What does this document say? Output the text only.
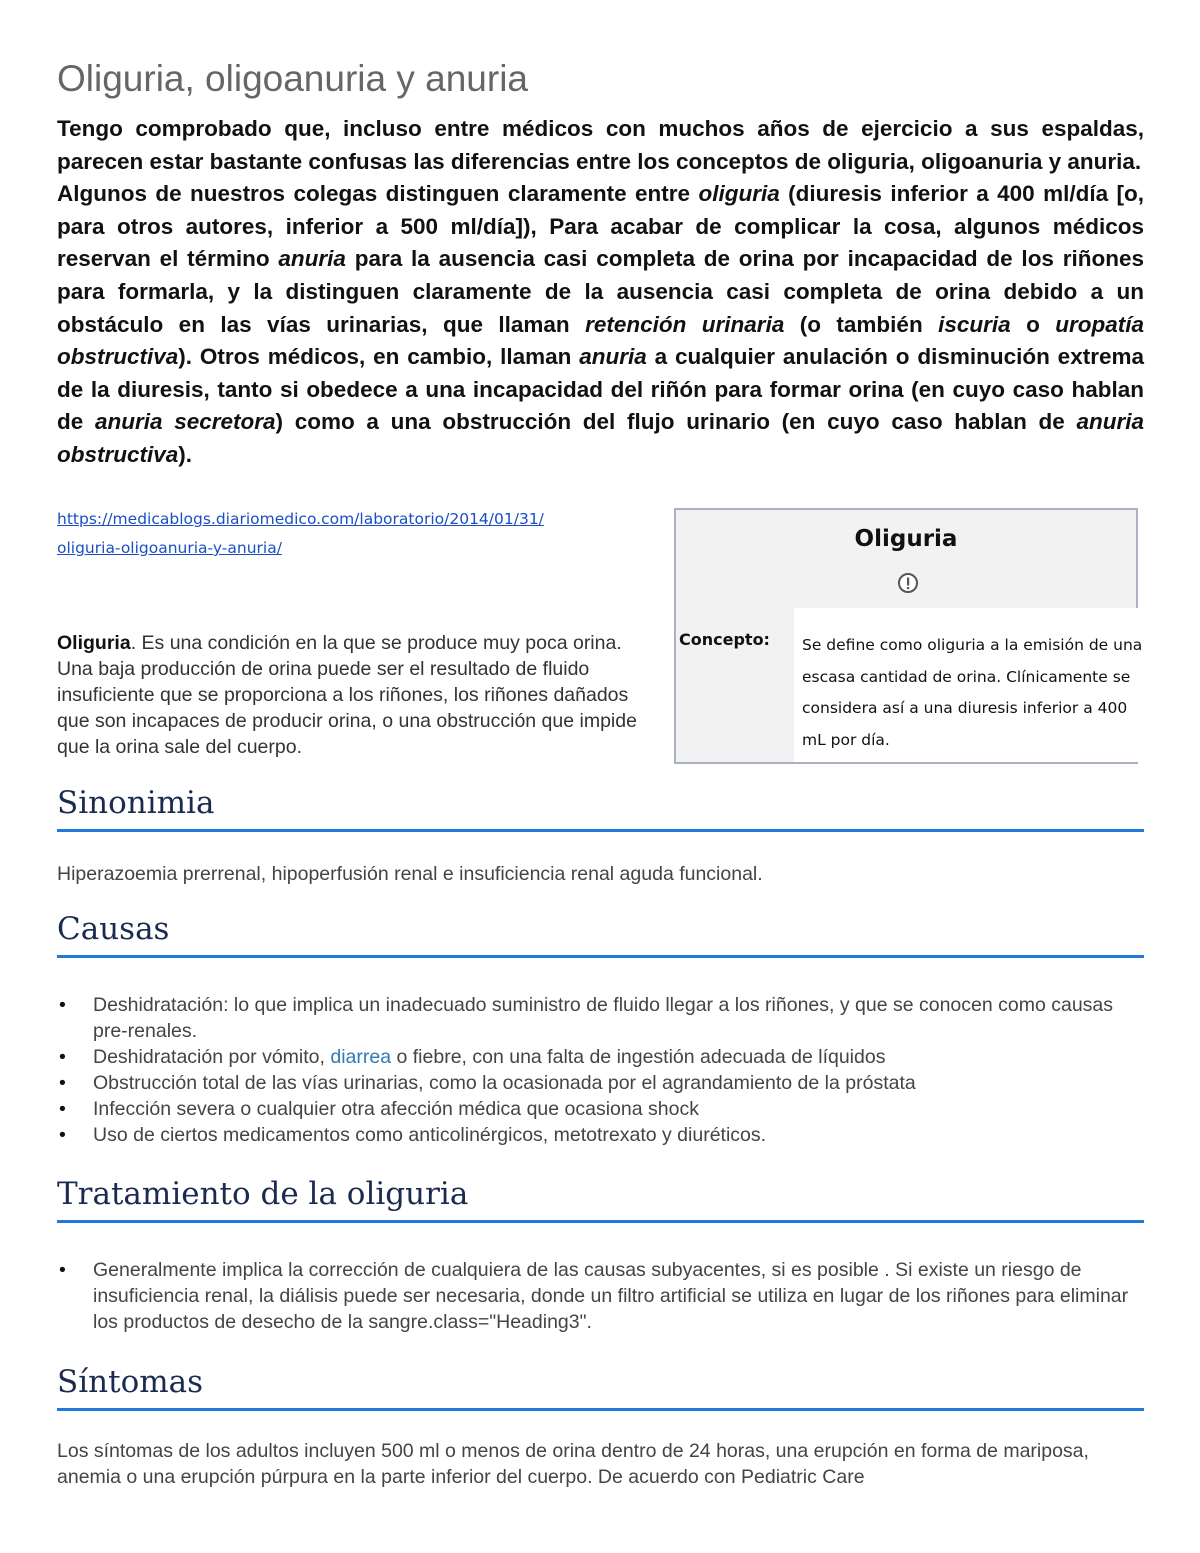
Oliguria, oligoanuria y anuria

Tengo comprobado que, incluso entre médicos con muchos años de ejercicio a sus espaldas, parecen estar bastante confusas las diferencias entre los conceptos de oliguria, oligoanuria y anuria.

Algunos de nuestros colegas distinguen claramente entre oliguria (diuresis inferior a 400 ml/día [o, para otros autores, inferior a 500 ml/día]), Para acabar de complicar la cosa, algunos médicos reservan el término anuria para la ausencia casi completa de orina por incapacidad de los riñones para formarla, y la distinguen claramente de la ausencia casi completa de orina debido a un obstáculo en las vías urinarias, que llaman retención urinaria (o también iscuria o uropatía obstructiva). Otros médicos, en cambio, llaman anuria a cualquier anulación o disminución extrema de la diuresis, tanto si obedece a una incapacidad del riñón para formar orina (en cuyo caso hablan de anuria secretora) como a una obstrucción del flujo urinario (en cuyo caso hablan de anuria obstructiva).

https://medicablogs.diariomedico.com/laboratorio/2014/01/31/
oliguria-oligoanuria-y-anuria/	Oliguria
Concepto:	Se define como oliguria a la emisión de una escasa cantidad de orina. Clínicamente se considera así a una diuresis inferior a 400 mL por día.

Oliguria. Es una condición en la que se produce muy poca orina. Una baja producción de orina puede ser el resultado de fluido insuficiente que se proporciona a los riñones, los riñones dañados que son incapaces de producir orina, o una obstrucción que impide que la orina sale del cuerpo.

Sinonimia

Hiperazoemia prerrenal, hipoperfusión renal e insuficiencia renal aguda funcional.

Causas
• Deshidratación: lo que implica un inadecuado suministro de fluido llegar a los riñones, y que se conocen como causas pre-renales.
• Deshidratación por vómito, diarrea o fiebre, con una falta de ingestión adecuada de líquidos
• Obstrucción total de las vías urinarias, como la ocasionada por el agrandamiento de la próstata
• Infección severa o cualquier otra afección médica que ocasiona shock
• Uso de ciertos medicamentos como anticolinérgicos, metotrexato y diuréticos.
Tratamiento de la oliguria
• Generalmente implica la corrección de cualquiera de las causas subyacentes, si es posible . Si existe un riesgo de insuficiencia renal, la diálisis puede ser necesaria, donde un filtro artificial se utiliza en lugar de los riñones para eliminar los productos de desecho de la sangre.class="Heading3".
Síntomas

Los síntomas de los adultos incluyen 500 ml o menos de orina dentro de 24 horas, una erupción en forma de mariposa, anemia o una erupción púrpura en la parte inferior del cuerpo. De acuerdo con Pediatric Care
